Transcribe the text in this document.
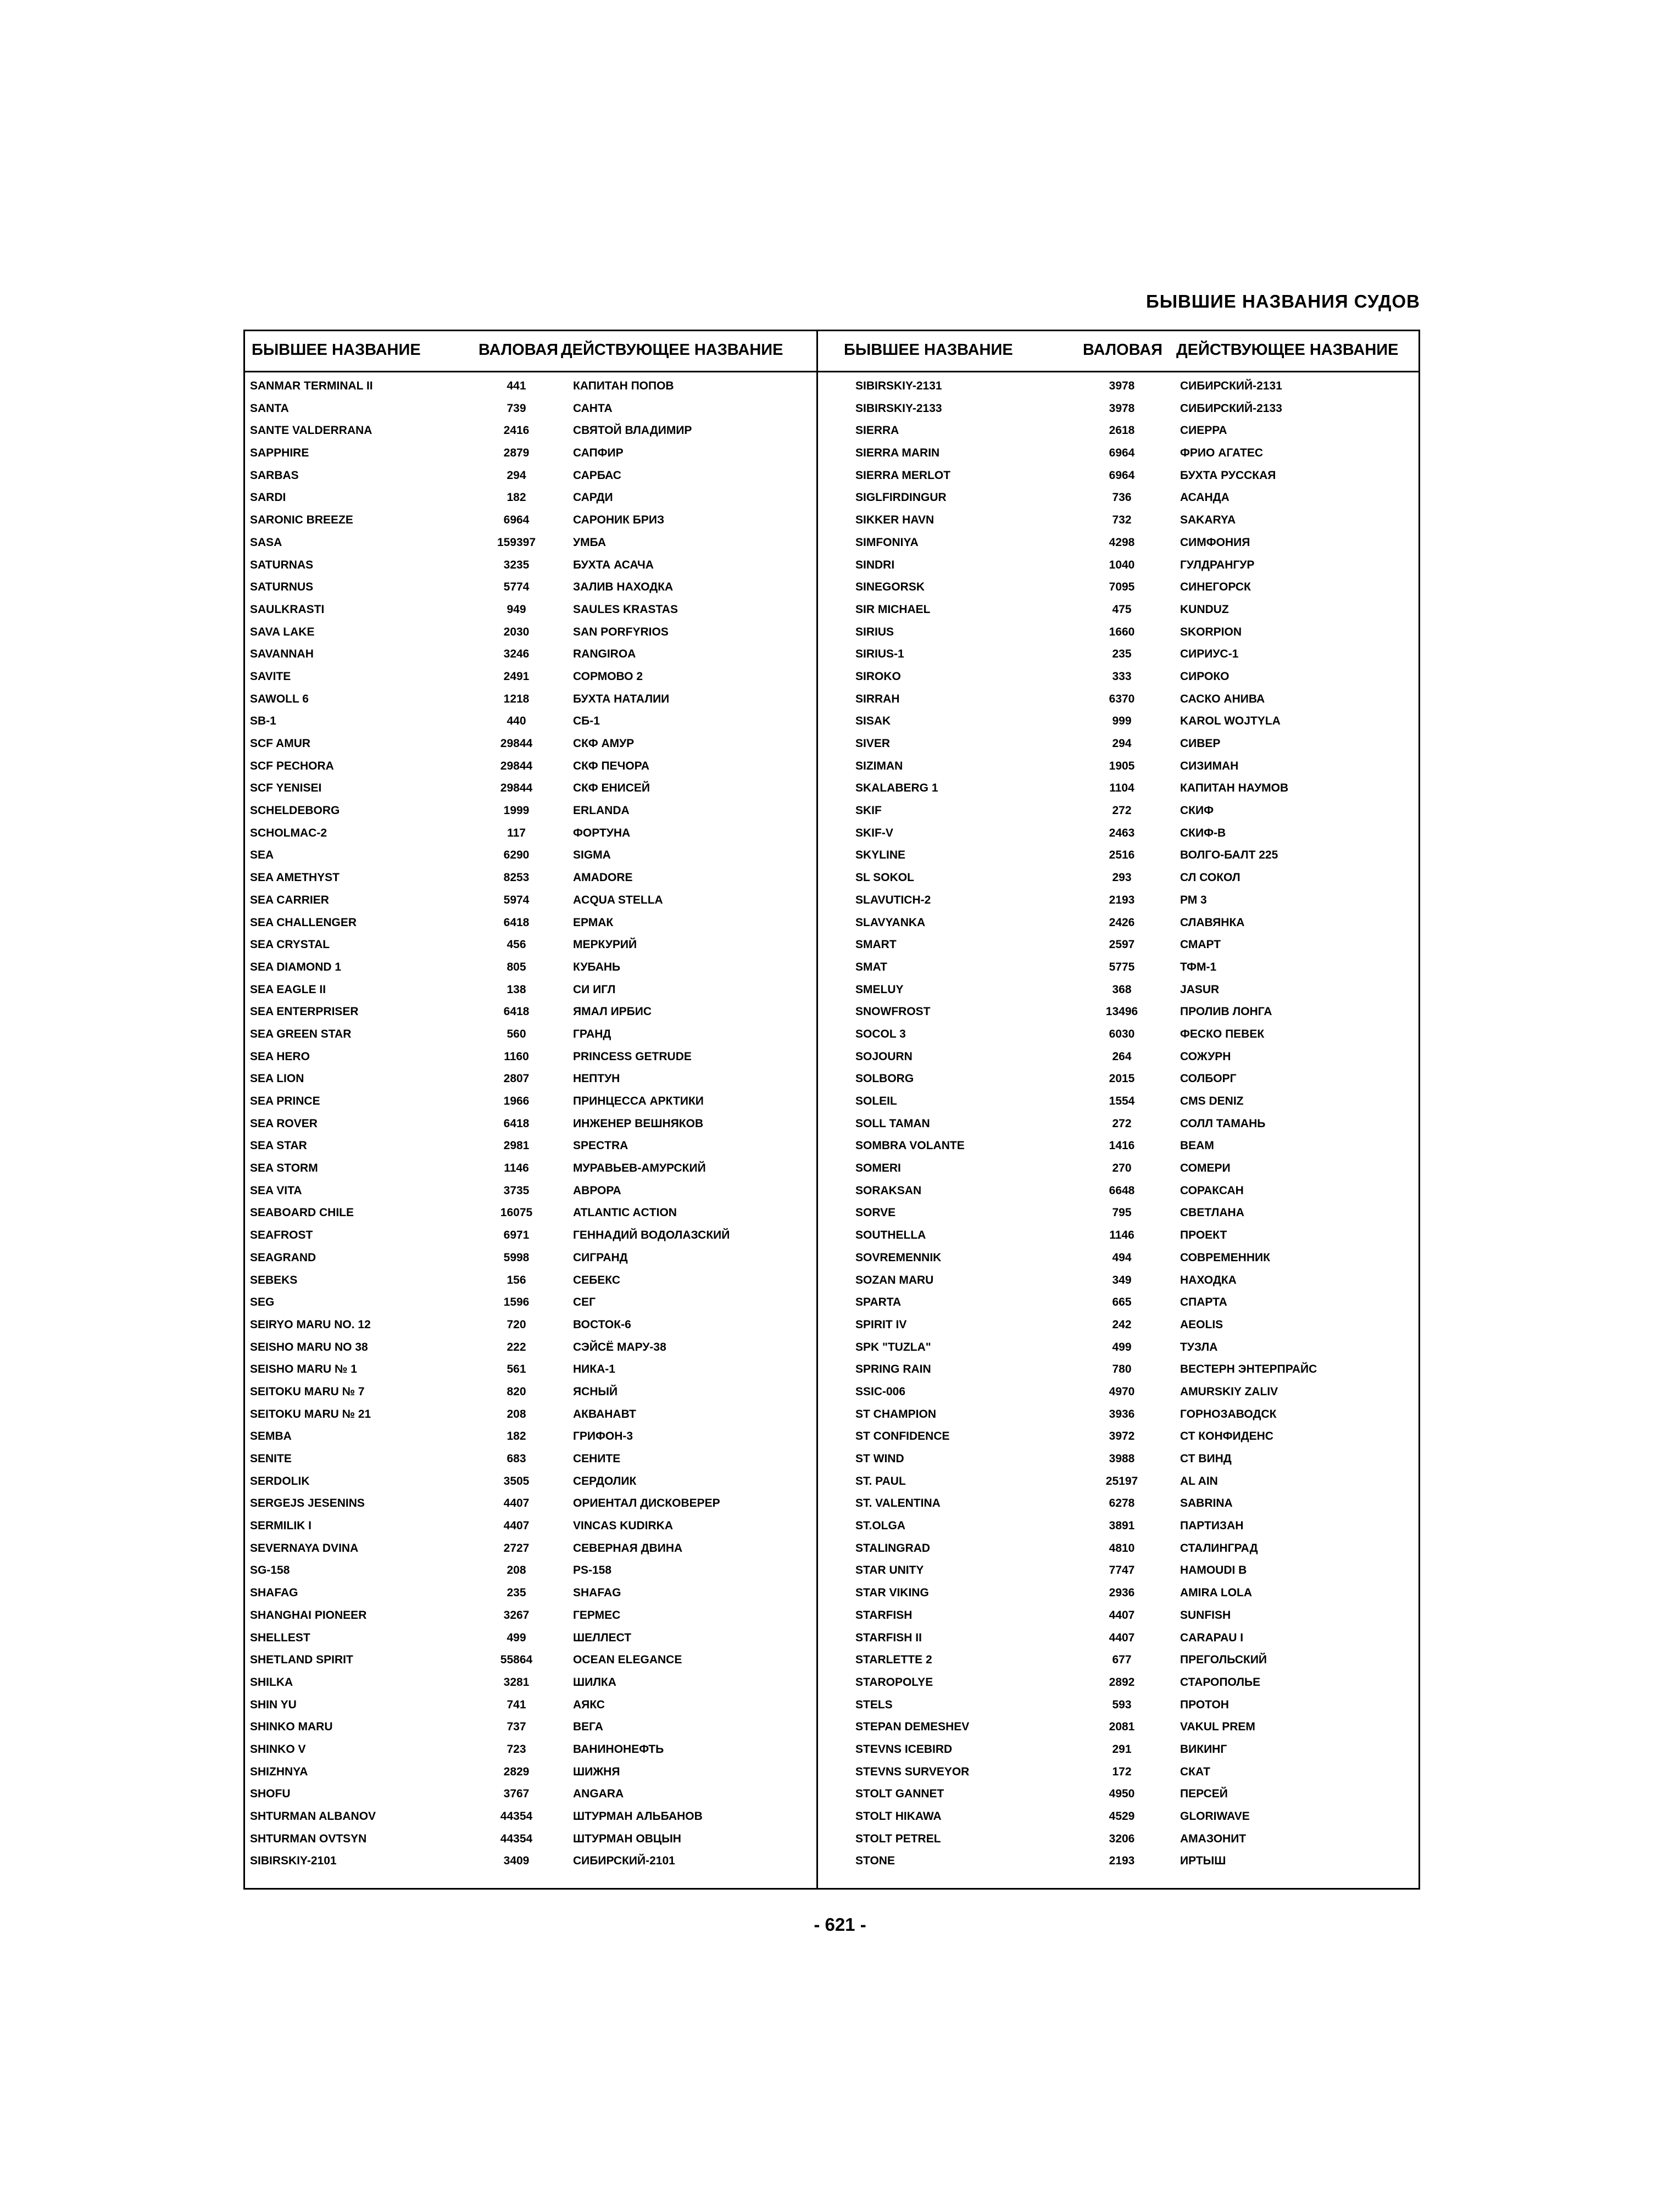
БЫВШИЕ НАЗВАНИЯ СУДОВ
БЫВШЕЕ НАЗВАНИЕ	ВАЛОВАЯ ДЕЙСТВУЮЩЕЕ НАЗВАНИЕ	БЫВШЕЕ НАЗВАНИЕ	ВАЛОВАЯ ДЕЙСТВУЮЩЕЕ НАЗВАНИЕ
SANMAR TERMINAL II	441	КАПИТАН ПОПОВ
SANTA	739	САНТА
SANTE VALDERRANA	2416	СВЯТОЙ ВЛАДИМИР
SAPPHIRE	2879	САПФИР
SARBAS	294	САРБАС
SARDI	182	САРДИ
SARONIC BREEZE	6964	САРОНИК БРИЗ
SASA	159397	УМБА
SATURNAS	3235	БУХТА АСАЧА
SATURNUS	5774	ЗАЛИВ НАХОДКА
SAULKRASTI	949	SAULES KRASTAS
SAVA LAKE	2030	SAN PORFYRIOS
SAVANNAH	3246	RANGIROA
SAVITE	2491	СОРМОВО 2
SAWOLL 6	1218	БУХТА НАТАЛИИ
SB-1	440	СБ-1
SCF AMUR	29844	СКФ АМУР
SCF PECHORA	29844	СКФ ПЕЧОРА
SCF YENISEI	29844	СКФ ЕНИСЕЙ
SCHELDEBORG	1999	ERLANDA
SCHOLMAC-2	117	ФОРТУНА
SEA	6290	SIGMA
SEA AMETHYST	8253	AMADORE
SEA CARRIER	5974	ACQUA STELLA
SEA CHALLENGER	6418	ЕРМАК
SEA CRYSTAL	456	МЕРКУРИЙ
SEA DIAMOND 1	805	КУБАНЬ
SEA EAGLE II	138	СИ ИГЛ
SEA ENTERPRISER	6418	ЯМАЛ ИРБИС
SEA GREEN STAR	560	ГРАНД
SEA HERO	1160	PRINCESS GETRUDE
SEA LION	2807	НЕПТУН
SEA PRINCE	1966	ПРИНЦЕССА АРКТИКИ
SEA ROVER	6418	ИНЖЕНЕР ВЕШНЯКОВ
SEA STAR	2981	SPECTRA
SEA STORM	1146	МУРАВЬЕВ-АМУРСКИЙ
SEA VITA	3735	АВРОРА
SEABOARD CHILE	16075	ATLANTIC ACTION
SEAFROST	6971	ГЕННАДИЙ ВОДОЛАЗСКИЙ
SEAGRAND	5998	СИГРАНД
SEBEKS	156	СЕБЕКС
SEG	1596	СЕГ
SEIRYO MARU NO. 12	720	ВОСТОК-6
SEISHO MARU NO 38	222	СЭЙСЁ МАРУ-38
SEISHO MARU № 1	561	НИКА-1
SEITOKU MARU № 7	820	ЯСНЫЙ
SEITOKU MARU № 21	208	АКВАНАВТ
SEMBA	182	ГРИФОН-3
SENITE	683	СЕНИТЕ
SERDOLIK	3505	СЕРДОЛИК
SERGEJS JESENINS	4407	ОРИЕНТАЛ ДИСКОВЕРЕР
SERMILIK I	4407	VINCAS KUDIRKA
SEVERNAYA DVINA	2727	СЕВЕРНАЯ ДВИНА
SG-158	208	PS-158
SHAFAG	235	SHAFAG
SHANGHAI PIONEER	3267	ГЕРМЕС
SHELLEST	499	ШЕЛЛЕСТ
SHETLAND SPIRIT	55864	OCEAN ELEGANCE
SHILKA	3281	ШИЛКА
SHIN YU	741	АЯКС
SHINKO MARU	737	ВЕГА
SHINKO V	723	ВАНИНОНЕФТЬ
SHIZHNYA	2829	ШИЖНЯ
SHOFU	3767	ANGARA
SHTURMAN ALBANOV	44354	ШТУРМАН АЛЬБАНОВ
SHTURMAN OVTSYN	44354	ШТУРМАН ОВЦЫН
SIBIRSKIY-2101	3409	СИБИРСКИЙ-2101
SIBIRSKIY-2131	3978	СИБИРСКИЙ-2131
SIBIRSKIY-2133	3978	СИБИРСКИЙ-2133
SIERRA	2618	СИЕРРА
SIERRA MARIN	6964	ФРИО АГАТЕС
SIERRA MERLOT	6964	БУХТА РУССКАЯ
SIGLFIRDINGUR	736	АСАНДА
SIKKER HAVN	732	SAKARYA
SIMFONIYA	4298	СИМФОНИЯ
SINDRI	1040	ГУЛДРАНГУР
SINEGORSK	7095	СИНЕГОРСК
SIR MICHAEL	475	KUNDUZ
SIRIUS	1660	SKORPION
SIRIUS-1	235	СИРИУС-1
SIROKO	333	СИРОКО
SIRRAH	6370	САСКО АНИВА
SISAK	999	KAROL WOJTYLA
SIVER	294	СИВЕР
SIZIMAN	1905	СИЗИМАН
SKALABERG 1	1104	КАПИТАН НАУМОВ
SKIF	272	СКИФ
SKIF-V	2463	СКИФ-В
SKYLINE	2516	ВОЛГО-БАЛТ 225
SL SOKOL	293	СЛ СОКОЛ
SLAVUTICH-2	2193	РМ 3
SLAVYANKA	2426	СЛАВЯНКА
SMART	2597	СМАРТ
SMAT	5775	ТФМ-1
SMELUY	368	JASUR
SNOWFROST	13496	ПРОЛИВ ЛОНГА
SOCOL 3	6030	ФЕСКО ПЕВЕК
SOJOURN	264	СОЖУРН
SOLBORG	2015	СОЛБОРГ
SOLEIL	1554	CMS DENIZ
SOLL TAMAN	272	СОЛЛ ТАМАНЬ
SOMBRA VOLANTE	1416	BEAM
SOMERI	270	СОМЕРИ
SORAKSAN	6648	СОРАКСАН
SORVE	795	СВЕТЛАНА
SOUTHELLA	1146	ПРОЕКТ
SOVREMENNIK	494	СОВРЕМЕННИК
SOZAN MARU	349	НАХОДКА
SPARTA	665	СПАРТА
SPIRIT IV	242	AEOLIS
SPK "TUZLA"	499	ТУЗЛА
SPRING RAIN	780	ВЕСТЕРН ЭНТЕРПРАЙС
SSIC-006	4970	AMURSKIY ZALIV
ST CHAMPION	3936	ГОРНОЗАВОДСК
ST CONFIDENCE	3972	СТ КОНФИДЕНС
ST WIND	3988	СТ ВИНД
ST. PAUL	25197	AL AIN
ST. VALENTINA	6278	SABRINA
ST.OLGA	3891	ПАРТИЗАН
STALINGRAD	4810	СТАЛИНГРАД
STAR UNITY	7747	HAMOUDI B
STAR VIKING	2936	AMIRA LOLA
STARFISH	4407	SUNFISH
STARFISH II	4407	CARAPAU I
STARLETTE 2	677	ПРЕГОЛЬСКИЙ
STAROPOLYE	2892	СТАРОПОЛЬЕ
STELS	593	ПРОТОН
STEPAN DEMESHEV	2081	VAKUL PREM
STEVNS ICEBIRD	291	ВИКИНГ
STEVNS SURVEYOR	172	СКАТ
STOLT GANNET	4950	ПЕРСЕЙ
STOLT HIKAWA	4529	GLORIWAVE
STOLT PETREL	3206	АМАЗОНИТ
STONE	2193	ИРТЫШ
- 621 -
